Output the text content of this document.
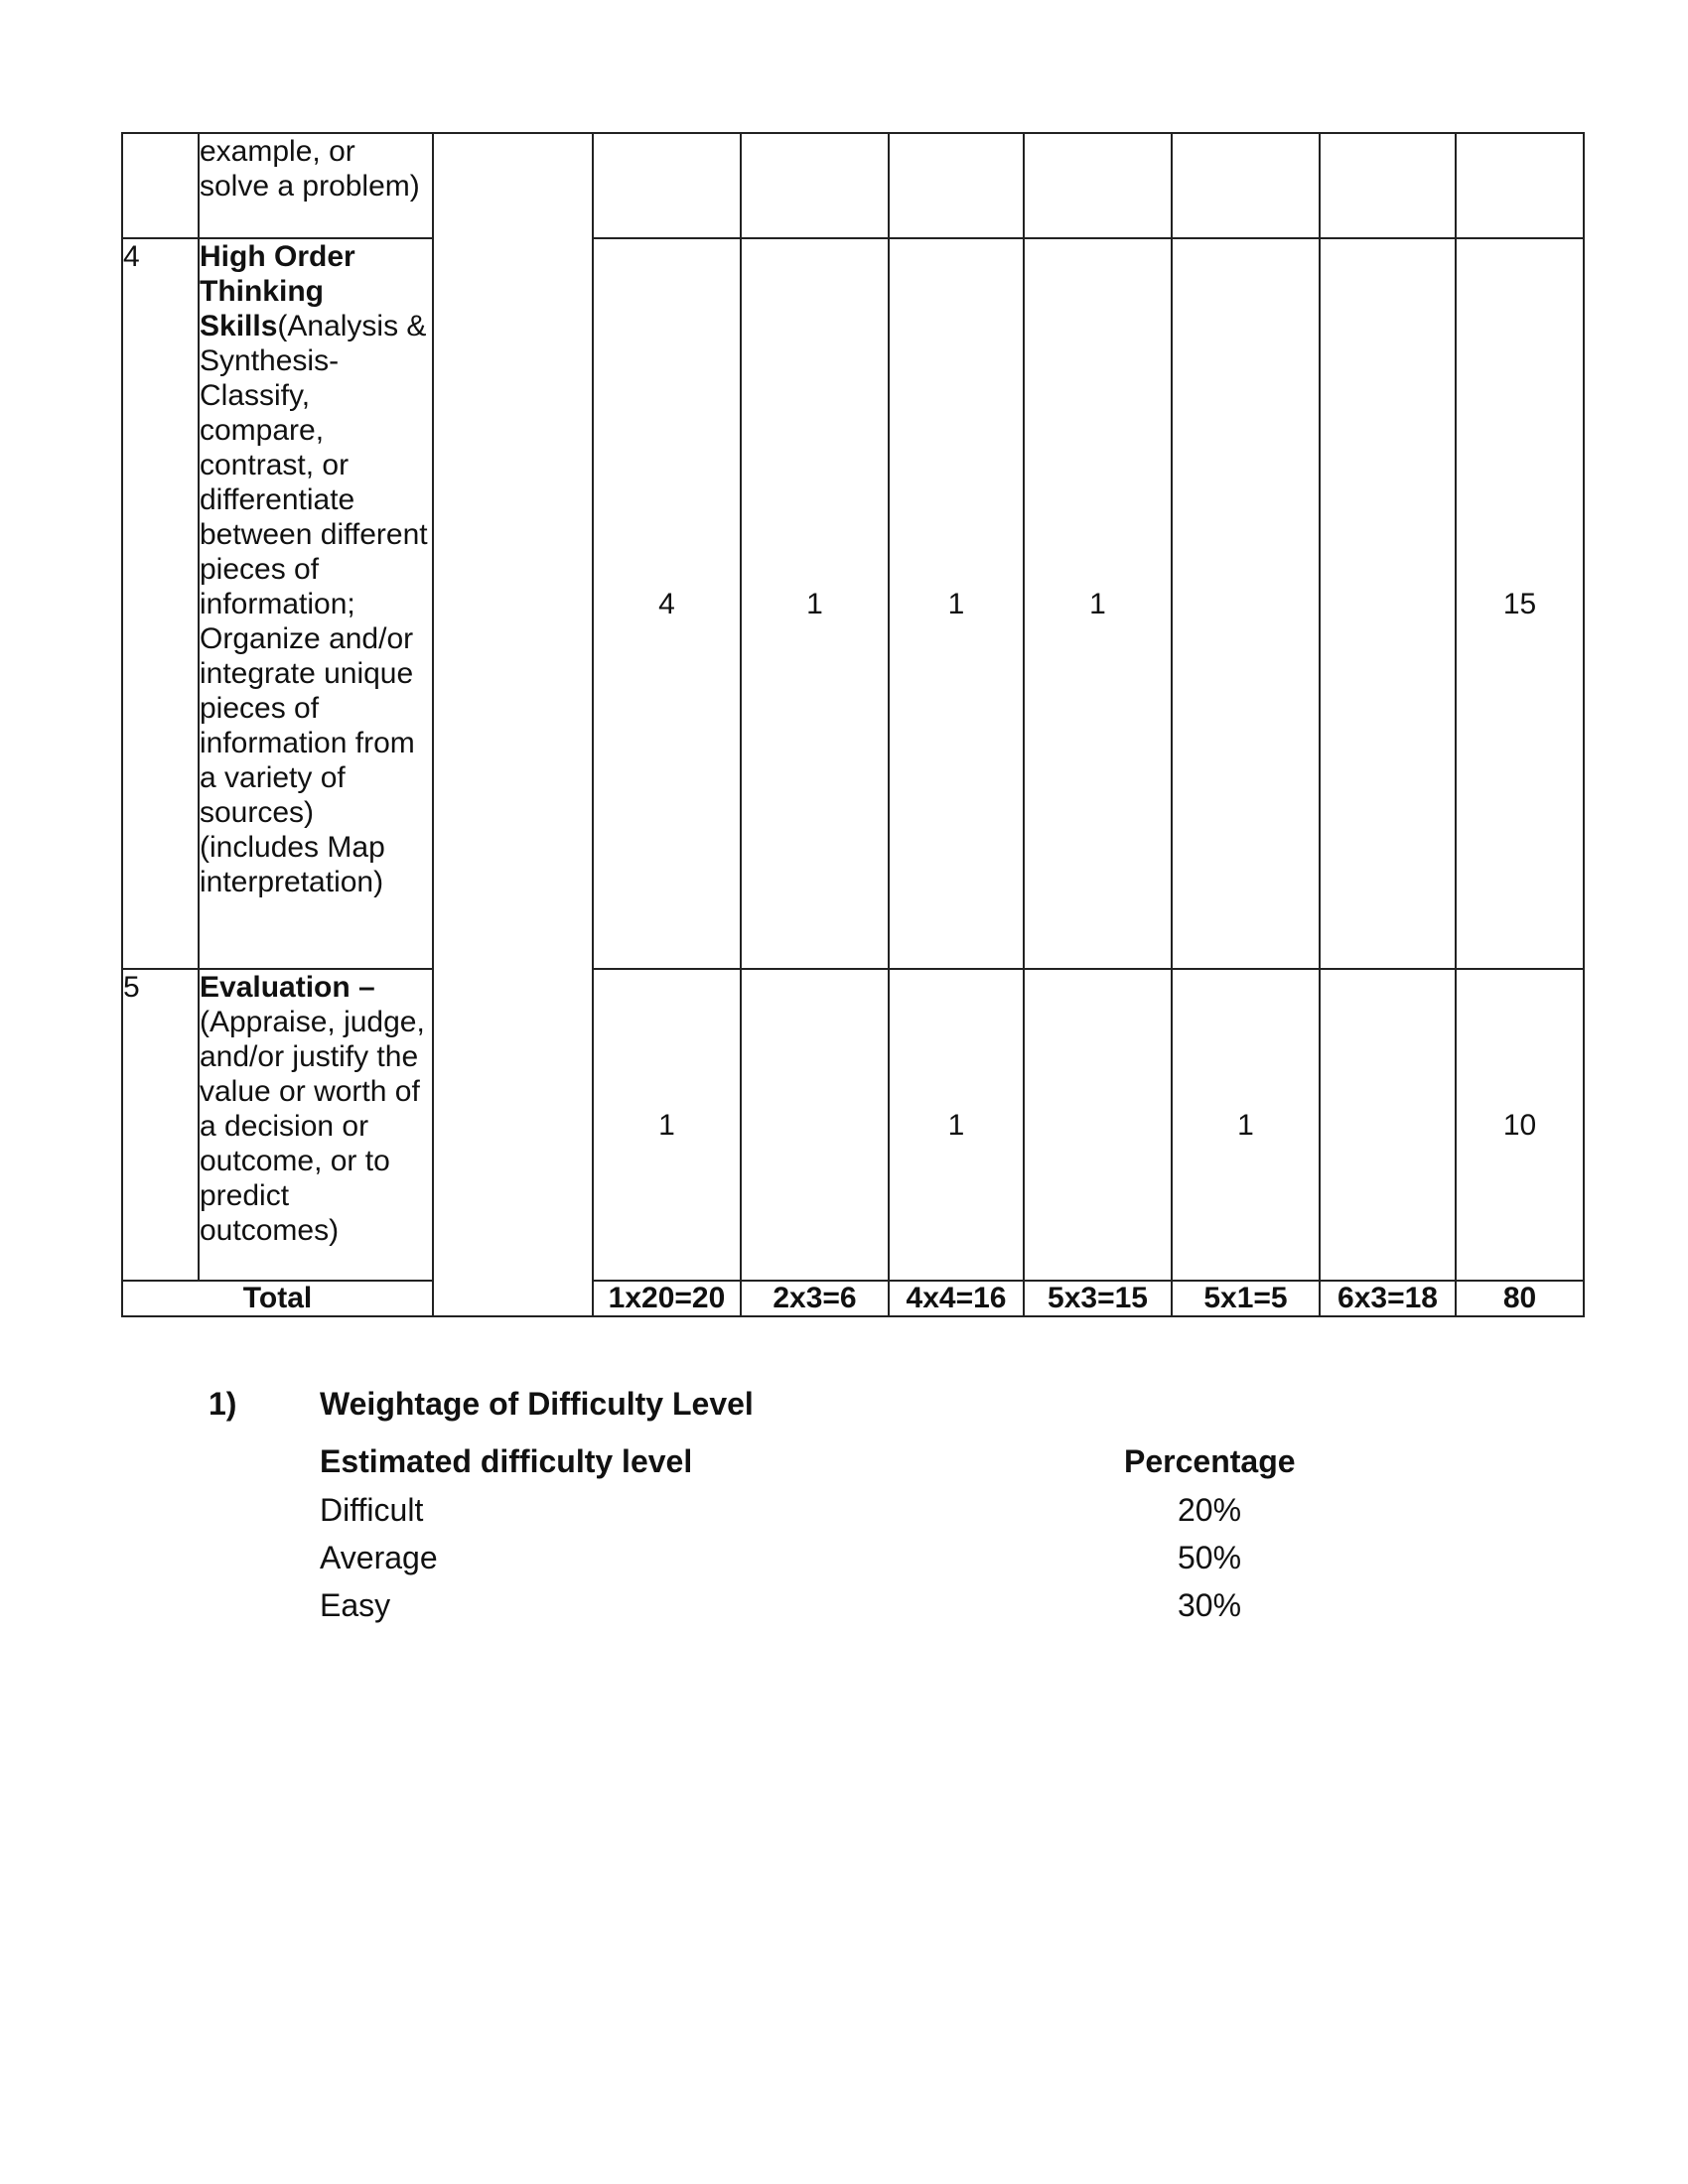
	example, or solve a problem)								
4	High Order Thinking Skills(Analysis & Synthesis- Classify, compare, contrast, or differentiate between different pieces of information; Organize and/or integrate unique pieces of information from a variety of sources)(includes Map interpretation)		4	1	1	1			15
5	Evaluation – (Appraise, judge, and/or justify the value or worth of a decision or outcome, or to predict outcomes)		1		1		1		10
Total			1x20=20	2x3=6	4x4=16	5x3=15	5x1=5	6x3=18	80
1)	Weightage of Difficulty Level
Estimated difficulty level	Percentage
Difficult	20%
Average	50%
Easy	30%
